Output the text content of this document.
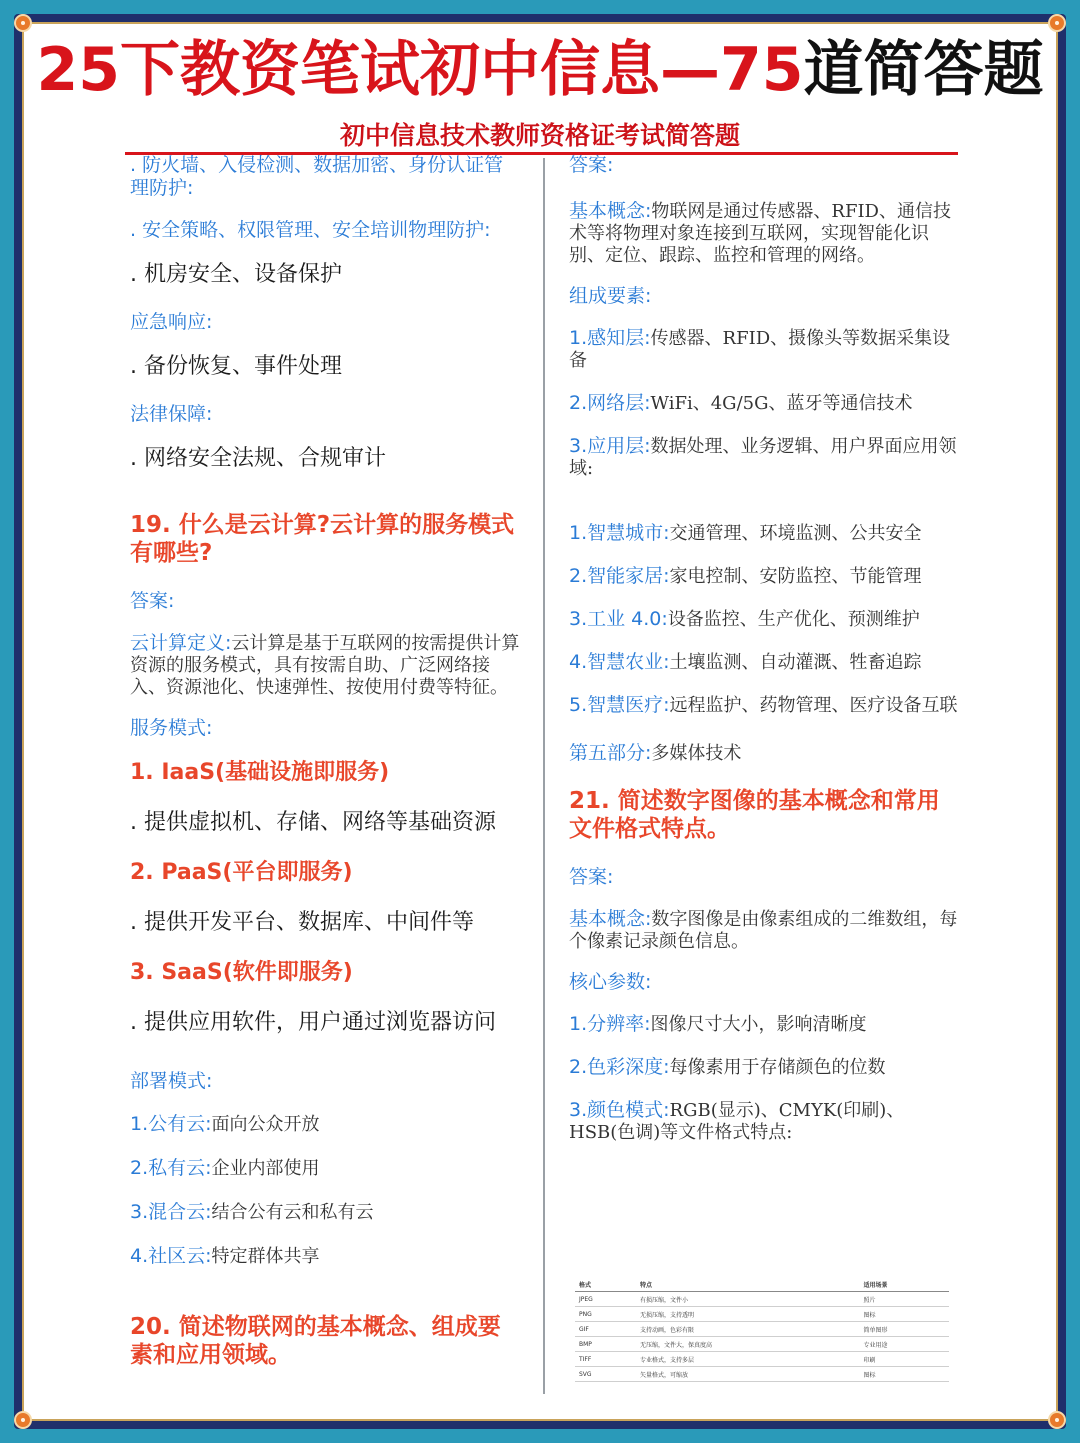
25下教资笔试初中信息—75道简答题
初中信息技术教师资格证考试简答题

. 防火墙、入侵检测、数据加密、身份认证管理防护:

. 安全策略、权限管理、安全培训物理防护:

. 机房安全、设备保护

应急响应:

. 备份恢复、事件处理

法律保障:

. 网络安全法规、合规审计

19. 什么是云计算?云计算的服务模式有哪些?

答案:

云计算定义:云计算是基于互联网的按需提供计算资源的服务模式，具有按需自助、广泛网络接入、资源池化、快速弹性、按使用付费等特征。

服务模式:

1. IaaS(基础设施即服务)

. 提供虚拟机、存储、网络等基础资源

2. PaaS(平台即服务)

. 提供开发平台、数据库、中间件等

3. SaaS(软件即服务)

. 提供应用软件，用户通过浏览器访问

部署模式:

1.公有云:面向公众开放

2.私有云:企业内部使用

3.混合云:结合公有云和私有云

4.社区云:特定群体共享

20. 简述物联网的基本概念、组成要素和应用领域。

答案:

基本概念:物联网是通过传感器、RFID、通信技术等将物理对象连接到互联网，实现智能化识别、定位、跟踪、监控和管理的网络。

组成要素:

1.感知层:传感器、RFID、摄像头等数据采集设备

2.网络层:WiFi、4G/5G、蓝牙等通信技术

3.应用层:数据处理、业务逻辑、用户界面应用领域:

1.智慧城市:交通管理、环境监测、公共安全

2.智能家居:家电控制、安防监控、节能管理

3.工业 4.0:设备监控、生产优化、预测维护

4.智慧农业:土壤监测、自动灌溉、牲畜追踪

5.智慧医疗:远程监护、药物管理、医疗设备互联

第五部分:多媒体技术

21. 简述数字图像的基本概念和常用文件格式特点。

答案:

基本概念:数字图像是由像素组成的二维数组，每个像素记录颜色信息。

核心参数:

1.分辨率:图像尺寸大小，影响清晰度

2.色彩深度:每像素用于存储颜色的位数

3.颜色模式:RGB(显示)、CMYK(印刷)、HSB(色调)等文件格式特点:

格式	特点	适用场景
JPEG	有损压缩，文件小	照片
PNG	无损压缩，支持透明	图标
GIF	支持动画，色彩有限	简单图形
BMP	无压缩，文件大，保真度高	专业用途
TIFF	专业格式，支持多层	印刷
SVG	矢量格式，可缩放	图标
